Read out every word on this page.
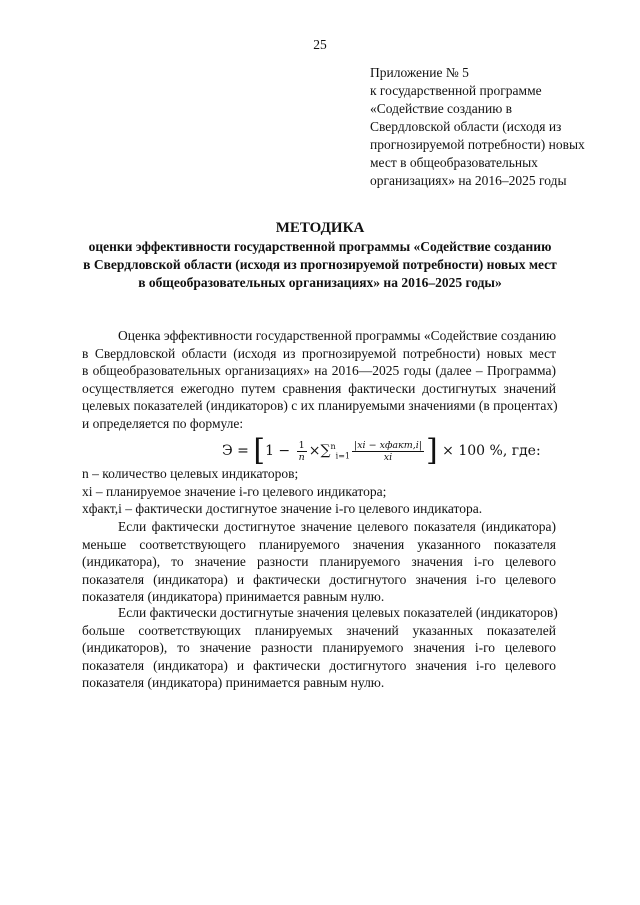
25
Приложение № 5
к государственной программе
«Содействие созданию в
Свердловской области (исходя из
прогнозируемой потребности) новых
мест в общеобразовательных
организациях» на 2016–2025 годы
МЕТОДИКА
оценки эффективности государственной программы «Содействие созданию
в Свердловской области (исходя из прогнозируемой потребности) новых мест
в общеобразовательных организациях» на 2016–2025 годы»
Оценка эффективности государственной программы «Содействие созданию
в Свердловской области (исходя из прогнозируемой потребности) новых мест
в общеобразовательных организациях» на 2016—2025 годы (далее – Программа)
осуществляется ежегодно путем сравнения фактически достигнутых значений
целевых показателей (индикаторов) с их планируемыми значениями (в процентах)
и определяется по формуле:
Э =
[ 1 −
$\frac{1}{n} \times \sum^n_{i=1} \frac{\text{|xi − xфакт,i|}}{xi}$ ]
× 100 %, где:
n – количество целевых индикаторов;
xi – планируемое значение i-го целевого индикатора;
xфакт,i – фактически достигнутое значение i-го целевого индикатора.
Если фактически достигнутое значение целевого показателя (индикатора)
меньше соответствующего планируемого значения указанного показателя
(индикатора), то значение разности планируемого значения i-го целевого
показателя (индикатора) и фактически достигнутого значения i-го целевого
показателя (индикатора) принимается равным нулю.
Если фактически достигнутые значения целевых показателей (индикаторов)
больше соответствующих планируемых значений указанных показателей
(индикаторов), то значение разности планируемого значения i-го целевого
показателя (индикатора) и фактически достигнутого значения i-го целевого
показателя (индикатора) принимается равным нулю.
